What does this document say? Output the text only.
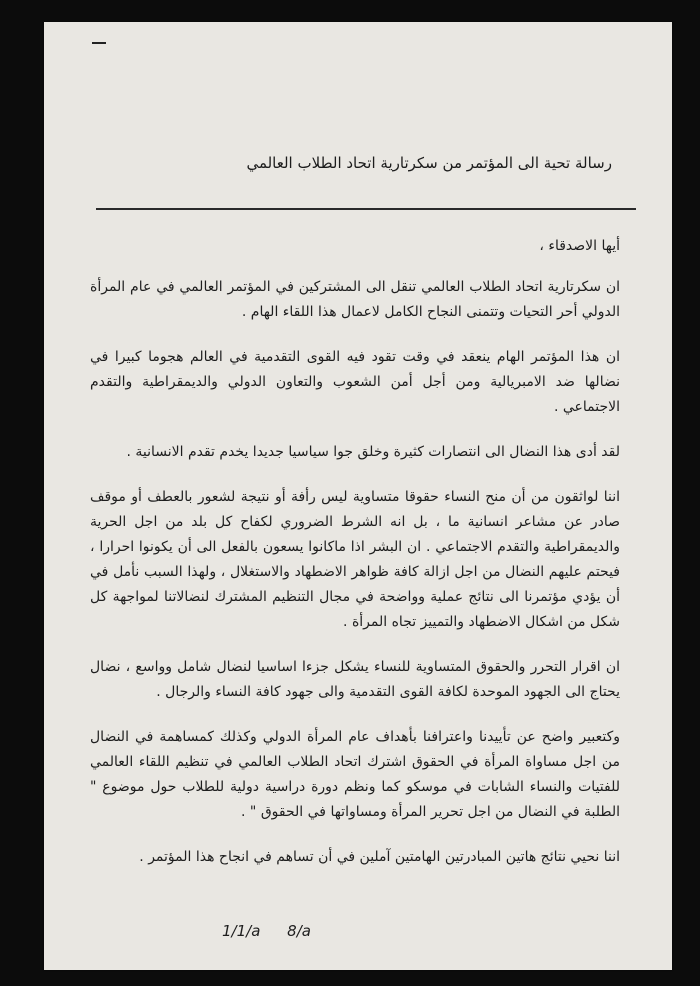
رسالة تحية الى المؤتمر من سكرتارية اتحاد الطلاب العالمي

أيها الاصدقاء ،

ان سكرتارية اتحاد الطلاب العالمي تنقل الى المشتركين في المؤتمر العالمي في عام المرأة الدولي أحر التحيات وتتمنى النجاح الكامل لاعمال هذا اللقاء الهام .

ان هذا المؤتمر الهام ينعقد في وقت تقود فيه القوى التقدمية في العالم هجوما كبيرا في نضالها ضد الامبريالية ومن أجل أمن الشعوب والتعاون الدولي والديمقراطية والتقدم الاجتماعي .

لقد أدى هذا النضال الى انتصارات كثيرة وخلق جوا سياسيا جديدا يخدم تقدم الانسانية .

اننا لواثقون من أن منح النساء حقوقا متساوية ليس رأفة أو نتيجة لشعور بالعطف أو موقف صادر عن مشاعر انسانية ما ، بل انه الشرط الضروري لكفاح كل بلد من اجل الحرية والديمقراطية والتقدم الاجتماعي . ان البشر اذا ماكانوا يسعون بالفعل الى أن يكونوا احرارا ، فيحتم عليهم النضال من اجل ازالة كافة ظواهر الاضطهاد والاستغلال ، ولهذا السبب نأمل في أن يؤدي مؤتمرنا الى نتائج عملية وواضحة في مجال التنظيم المشترك لنضالاتنا لمواجهة كل شكل من اشكال الاضطهاد والتمييز تجاه المرأة .

ان اقرار التحرر والحقوق المتساوية للنساء يشكل جزءا اساسيا لنضال شامل وواسع ، نضال يحتاج الى الجهود الموحدة لكافة القوى التقدمية والى جهود كافة النساء والرجال .

وكتعبير واضح عن تأييدنا واعترافنا بأهداف عام المرأة الدولي وكذلك كمساهمة في النضال من اجل مساواة المرأة في الحقوق اشترك اتحاد الطلاب العالمي في تنظيم اللقاء العالمي للفتيات والنساء الشابات في موسكو كما ونظم دورة دراسية دولية للطلاب حول موضوع " الطلبة في النضال من اجل تحرير المرأة ومساواتها في الحقوق " .

اننا نحيي نتائج هاتين المبادرتين الهامتين آملين في أن تساهم في انجاح هذا المؤتمر .

1/1/a 8/a
